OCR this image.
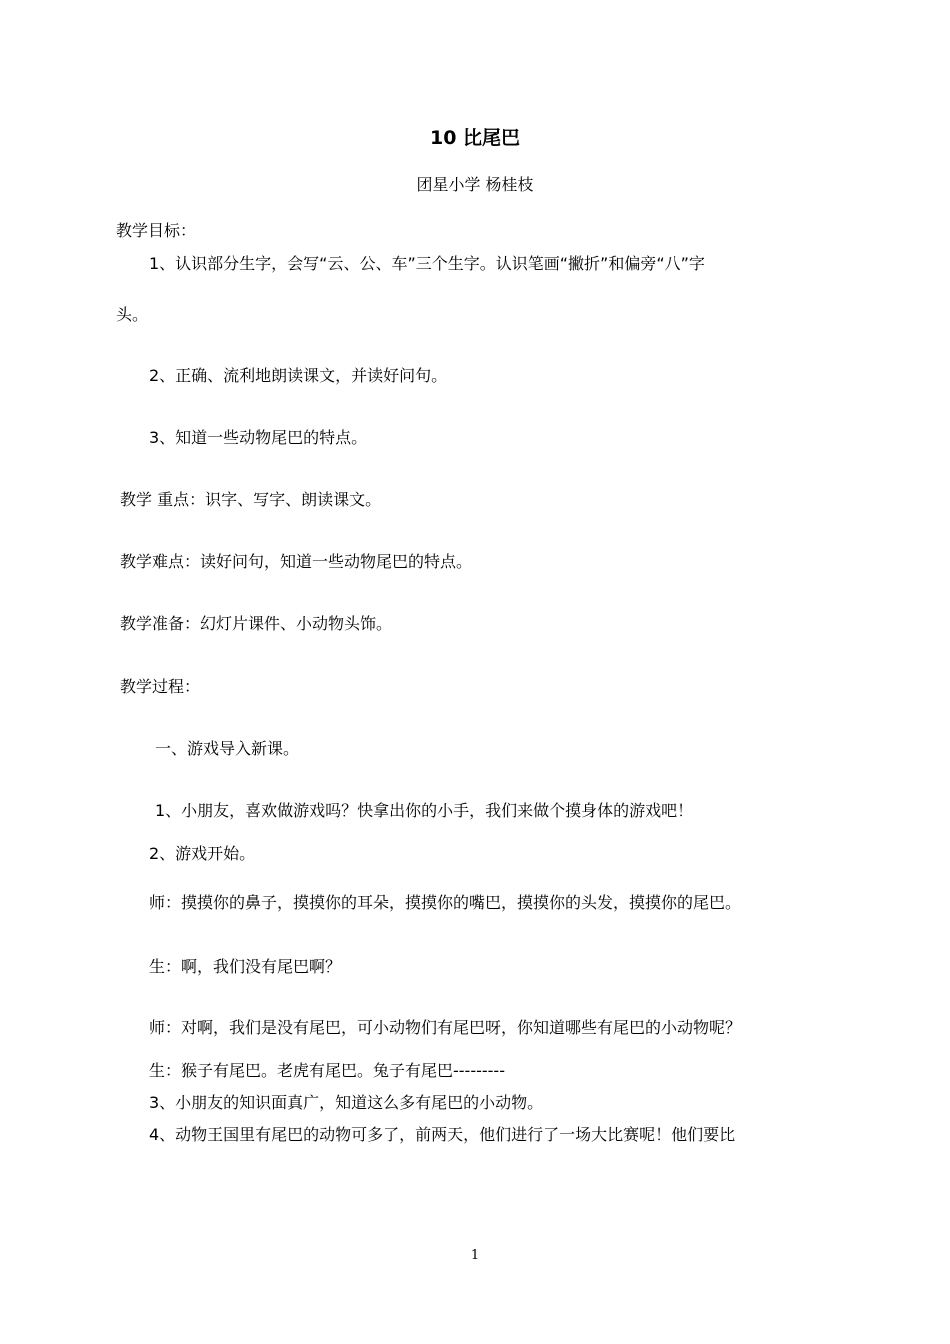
10 比尾巴
团星小学 杨桂枝
教学目标：
1、认识部分生字，会写“云、公、车”三个生字。认识笔画“撇折”和偏旁“八”字
头。
2、正确、流利地朗读课文，并读好问句。
3、知道一些动物尾巴的特点。
教学 重点：识字、写字、朗读课文。
教学难点：读好问句，知道一些动物尾巴的特点。
教学准备：幻灯片课件、小动物头饰。
教学过程：
一、游戏导入新课。
1、小朋友，喜欢做游戏吗？快拿出你的小手，我们来做个摸身体的游戏吧！
2、游戏开始。
师：摸摸你的鼻子，摸摸你的耳朵，摸摸你的嘴巴，摸摸你的头发，摸摸你的尾巴。
生：啊，我们没有尾巴啊？
师：对啊，我们是没有尾巴，可小动物们有尾巴呀，你知道哪些有尾巴的小动物呢？
生：猴子有尾巴。老虎有尾巴。兔子有尾巴---------
3、小朋友的知识面真广，知道这么多有尾巴的小动物。
4、动物王国里有尾巴的动物可多了，前两天，他们进行了一场大比赛呢！他们要比
1
